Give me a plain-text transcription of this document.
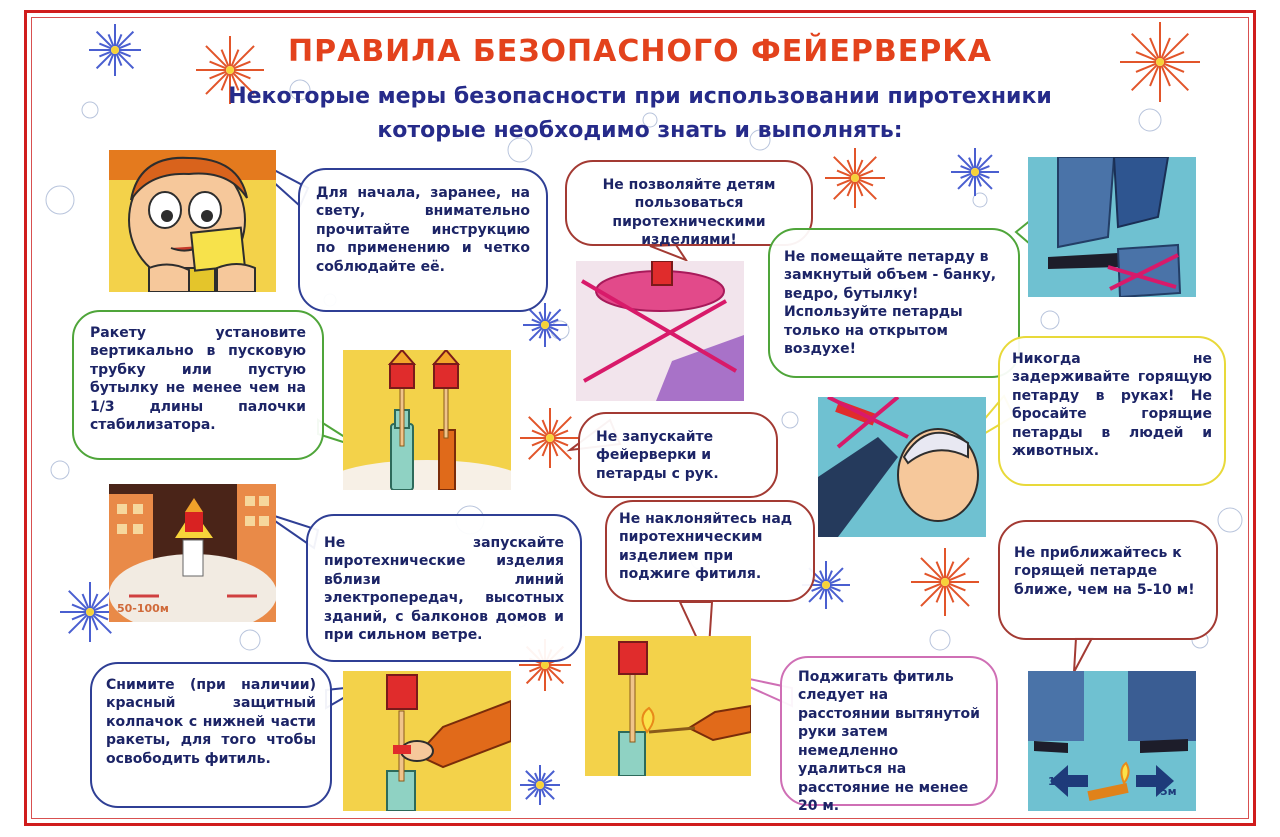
ПРАВИЛА БЕЗОПАСНОГО ФЕЙЕРВЕРКА
Некоторые меры безопасности при использовании пиротехники
которые необходимо знать и выполнять:
50-100м
10м
5м
Для начала, заранее, на свету, внимательно прочитайте инструкцию по применению и четко соблюдайте её.
Ракету установите вертикально в пусковую трубку или пустую бутылку не менее чем на 1/3 длины палочки стабилизатора.
Не запускайте пиротехнические изделия вблизи линий электропередач, высотных зданий, с балконов домов и при сильном ветре.
Снимите (при наличии) красный защитный колпачок с нижней части ракеты, для того чтобы освободить фитиль.
Не позволяйте детям пользоваться пиротехническими изделиями!
Не запускайте фейерверки и петарды с рук.
Не наклоняйтесь над пиротехническим изделием при поджиге фитиля.
Поджигать фитиль следует на расстоянии вытянутой руки затем немедленно удалиться на расстояние не менее 20 м.
Не помещайте петарду в замкнутый объем - банку, ведро, бутылку! Используйте петарды только на открытом воздухе!
Никогда не задерживайте горящую петарду в руках! Не бросайте горящие петарды в людей и животных.
Не приближайтесь к горящей петарде ближе, чем на 5-10 м!
